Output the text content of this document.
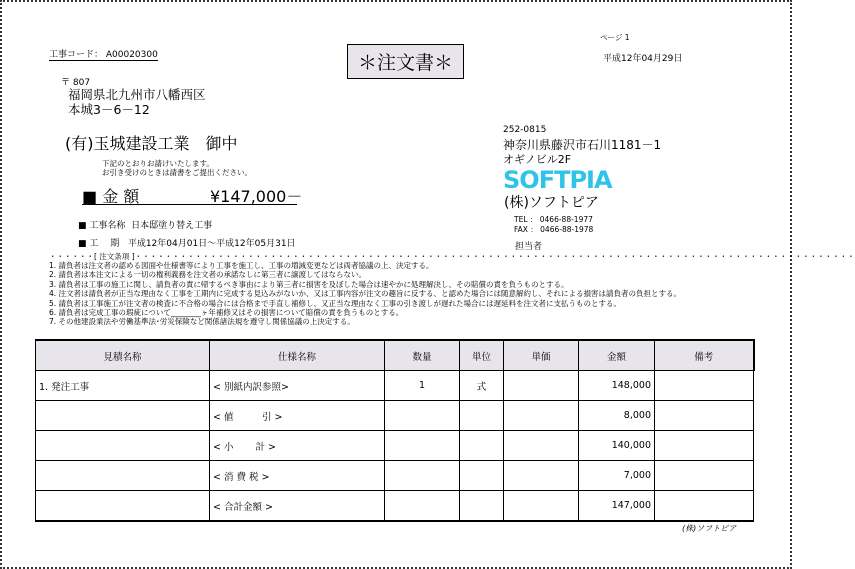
ページ 1
平成12年04月29日
工事コード： A00020300	＊注文書＊
〒 807
福岡県北九州市八幡西区
本城3－6－12
(有)玉城建設工業　御中
下記のとおりお請けいたします。
お引き受けのときは請書をご提出ください。
■ 金 額	¥147,000－
■ 工事名称 日本邸塗り替え工事
■ 工　 期 平成12年04月01日～平成12年05月31日
252-0815
神奈川県藤沢市石川1181－1
オギノビル2F
SOFTPIA
(株)ソフトピア
TEL ： 0466-88-1977
FAX ： 0466-88-1978
担当者
・・・・・・[ 注文条項 ]・・・・・・・・・・・・・・・・・・・・・・・・・・・・・・・・・・・・・・・・・・・・・・・・・・・・・・・・・・・・・・・・・・・・・・・・・・・・・・・・・・・・・・・・・・・・・・・・
1. 請負者は注文者の認める図面や仕様書等により工事を施工し、工事の増減変更などは両者協議の上、決定する。
2. 請負者は本注文による一切の権利義務を注文者の承諾なしに第三者に譲渡してはならない。
3. 請負者は工事の施工に関し、請負者の責に帰するべき事由により第三者に損害を及ぼした場合は速やかに処理解決し、その賠償の責を負うものとする。
4. 注文者は請負者が正当な理由なく工事を工期内に完成する見込みがないか、又は工事内容が注文の趣旨に反する、と認めた場合には随意解約し、それによる損害は請負者の負担とする。
5. 請負者は工事施工が注文者の検査に不合格の場合には合格まで手直し補修し、又正当な理由なく工事の引き渡しが遅れた場合には遅延料を注文者に支払うものとする。
6. 請負者は完成工事の瑕疵について________ヶ年補修又はその損害について賠償の責を負うものとする。
7. その他建設業法や労働基準法･労災保険など関係諸法規を遵守し関係協議の上決定する。
見積名称	仕様名称	数量	単位	単価	金額	備考
1. 発注工事	< 別紙内訳参照>	1	式		148,000	
	< 値　　　引 >				8,000	
	< 小　　 計 >				140,000	
	< 消 費 税 >				7,000	
	< 合計金額 >				147,000	
(株)ソフトピア
